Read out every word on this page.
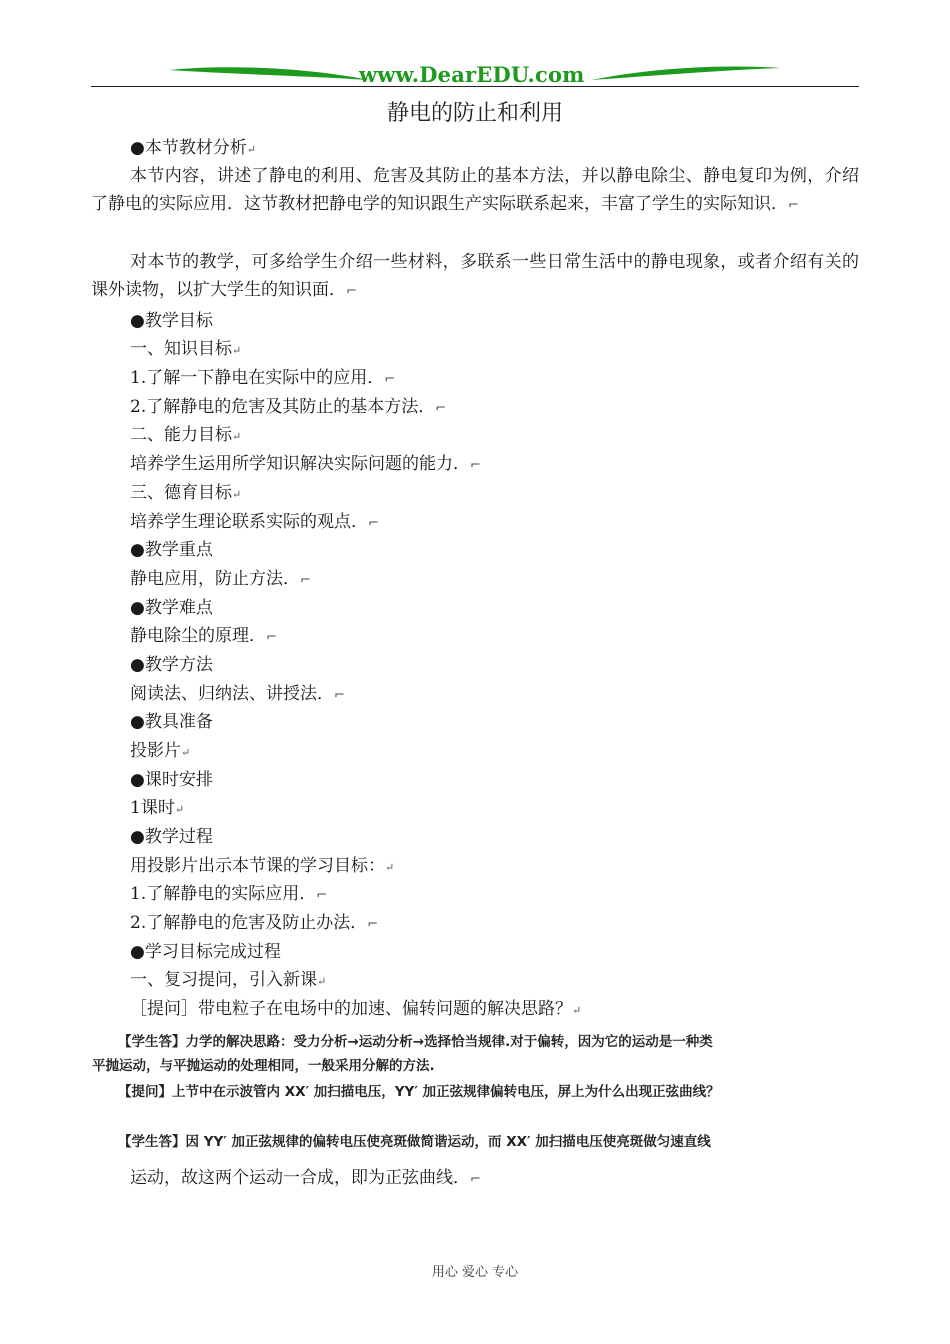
www.DearEDU.com
静电的防止和利用
●本节教材分析↵
本节内容，讲述了静电的利用、危害及其防止的基本方法，并以静电除尘、静电复印为例，介绍了静电的实际应用．这节教材把静电学的知识跟生产实际联系起来，丰富了学生的实际知识．⌐
对本节的教学，可多给学生介绍一些材料，多联系一些日常生活中的静电现象，或者介绍有关的课外读物，以扩大学生的知识面．⌐
●教学目标
一、知识目标↵
1.了解一下静电在实际中的应用．⌐
2.了解静电的危害及其防止的基本方法．⌐
二、能力目标↵
培养学生运用所学知识解决实际问题的能力．⌐
三、德育目标↵
培养学生理论联系实际的观点．⌐
●教学重点
静电应用，防止方法．⌐
●教学难点
静电除尘的原理．⌐
●教学方法
阅读法、归纳法、讲授法．⌐
●教具准备
投影片↵
●课时安排
1课时↵
●教学过程
用投影片出示本节课的学习目标：↵
1.了解静电的实际应用．⌐
2.了解静电的危害及防止办法．⌐
●学习目标完成过程
一、复习提问，引入新课↵
［提问］带电粒子在电场中的加速、偏转问题的解决思路？↵
【学生答】力学的解决思路：受力分析→运动分析→选择恰当规律.对于偏转，因为它的运动是一种类
平抛运动，与平抛运动的处理相同，一般采用分解的方法.
【提问】上节中在示波管内 XX′ 加扫描电压，YY′ 加正弦规律偏转电压，屏上为什么出现正弦曲线？
【学生答】因 YY′ 加正弦规律的偏转电压使亮斑做简谐运动，而 XX′ 加扫描电压使亮斑做匀速直线
运动，故这两个运动一合成，即为正弦曲线．⌐
用心 爱心 专心
